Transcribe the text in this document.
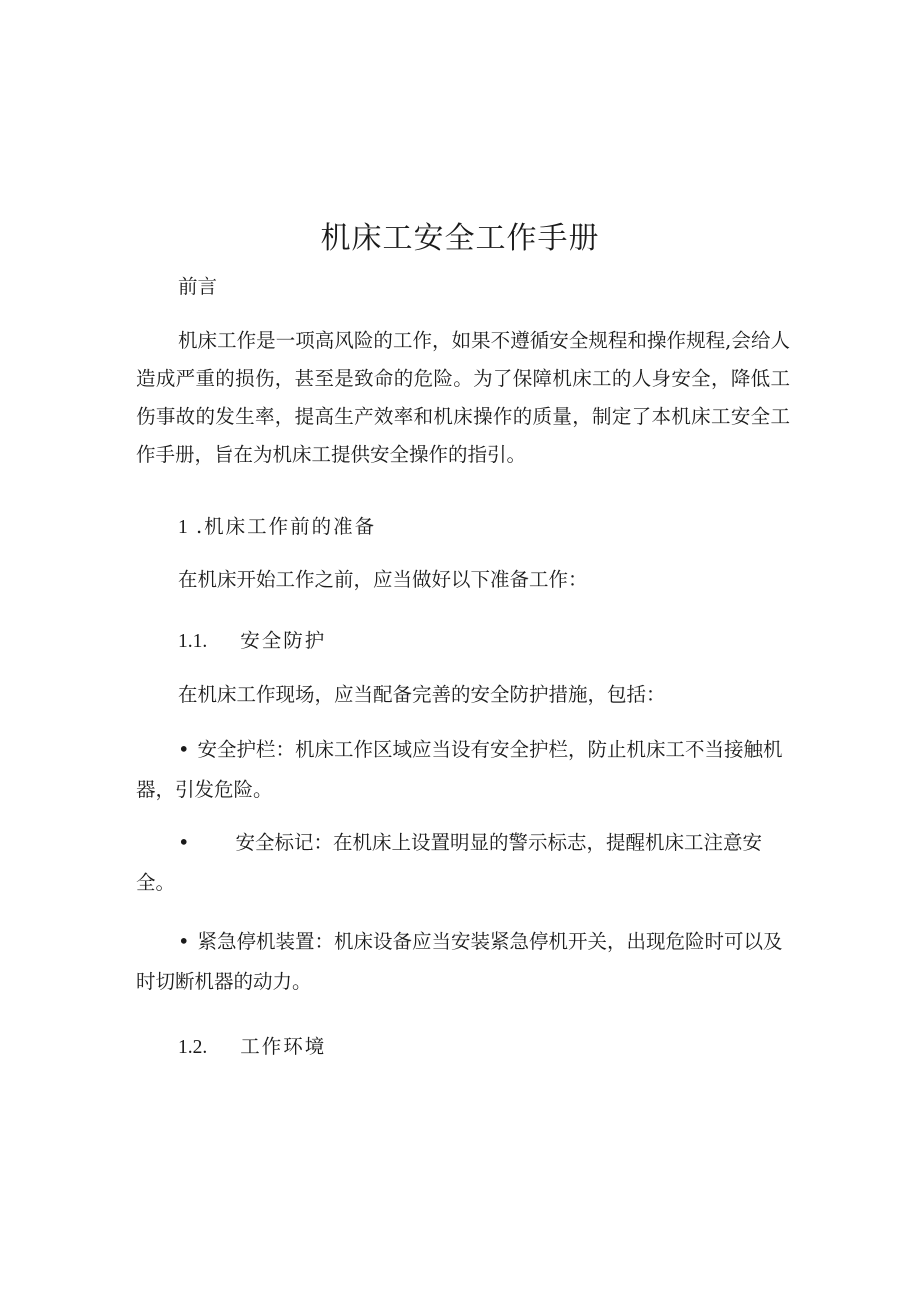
机床工安全工作手册

前言

机床工作是一项高风险的工作，如果不遵循安全规程和操作规程,会给人造成严重的损伤，甚至是致命的危险。为了保障机床工的人身安全，降低工伤事故的发生率，提高生产效率和机床操作的质量，制定了本机床工安全工作手册，旨在为机床工提供安全操作的指引。

1 .机床工作前的准备

在机床开始工作之前，应当做好以下准备工作：

1.1. 安全防护

在机床工作现场，应当配备完善的安全防护措施，包括：

• 安全护栏：机床工作区域应当设有安全护栏，防止机床工不当接触机器，引发危险。

• 安全标记：在机床上设置明显的警示标志，提醒机床工注意安全。

• 紧急停机装置：机床设备应当安装紧急停机开关，出现危险时可以及时切断机器的动力。

1.2. 工作环境
